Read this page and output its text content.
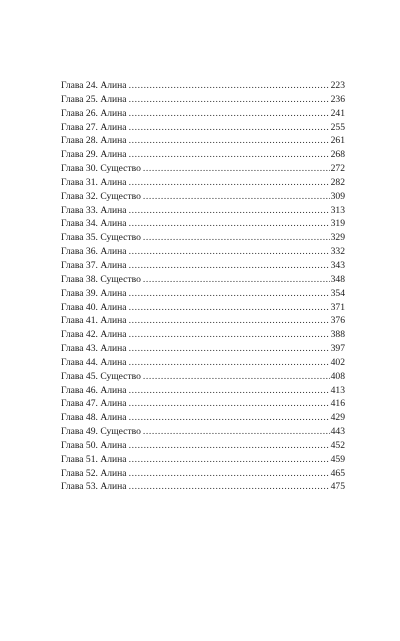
Глава 24. Алина . . .	223
Глава 25. Алина . . .	236
Глава 26. Алина . . .	241
Глава 27. Алина . . .	255
Глава 28. Алина . . .	261
Глава 29. Алина . . .	268
Глава 30. Существо . . .	272
Глава 31. Алина . . .	282
Глава 32. Существо . . .	309
Глава 33. Алина . . .	313
Глава 34. Алина . . .	319
Глава 35. Существо . . .	329
Глава 36. Алина . . .	332
Глава 37. Алина . . .	343
Глава 38. Существо . . .	348
Глава 39. Алина . . .	354
Глава 40. Алина . . .	371
Глава 41. Алина . . .	376
Глава 42. Алина . . .	388
Глава 43. Алина . . .	397
Глава 44. Алина . . .	402
Глава 45. Существо . . .	408
Глава 46. Алина . . .	413
Глава 47. Алина . . .	416
Глава 48. Алина . . .	429
Глава 49. Существо . . .	443
Глава 50. Алина . . .	452
Глава 51. Алина . . .	459
Глава 52. Алина . . .	465
Глава 53. Алина . . .	475
